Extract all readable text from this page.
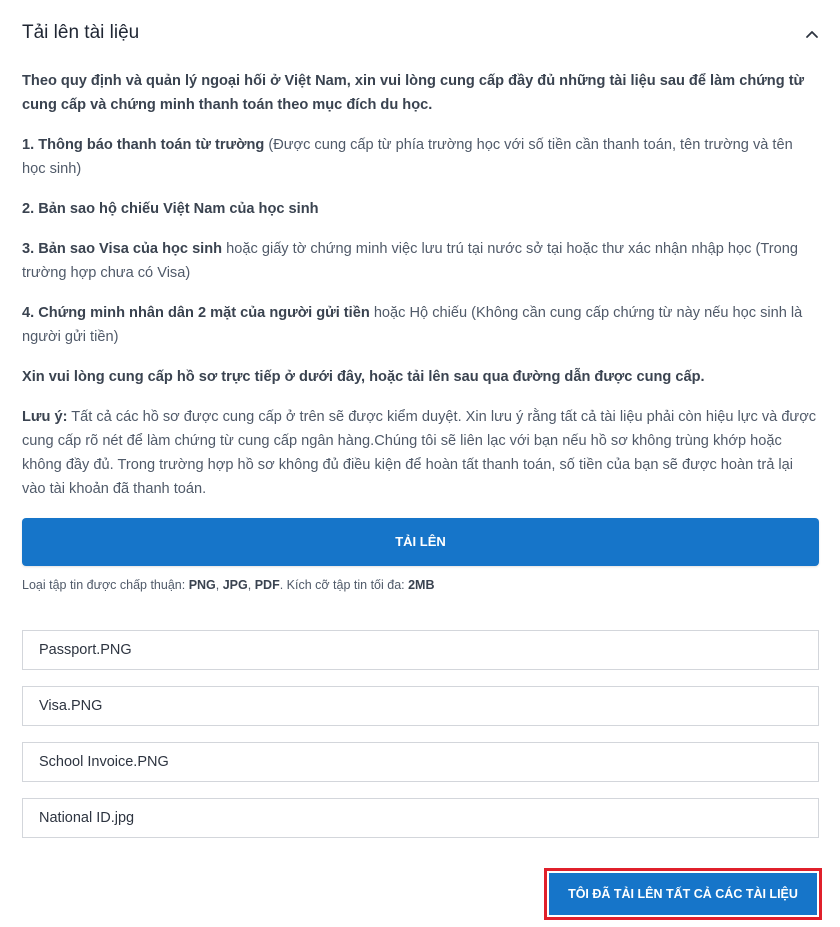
Tải lên tài liệu

Theo quy định và quản lý ngoại hối ở Việt Nam, xin vui lòng cung cấp đầy đủ những tài liệu sau để làm chứng từ cung cấp và chứng minh thanh toán theo mục đích du học.

1. Thông báo thanh toán từ trường (Được cung cấp từ phía trường học với số tiền cần thanh toán, tên trường và tên học sinh)

2. Bản sao hộ chiếu Việt Nam của học sinh

3. Bản sao Visa của học sinh hoặc giấy tờ chứng minh việc lưu trú tại nước sở tại hoặc thư xác nhận nhập học (Trong trường hợp chưa có Visa)

4. Chứng minh nhân dân 2 mặt của người gửi tiền hoặc Hộ chiếu (Không cần cung cấp chứng từ này nếu học sinh là người gửi tiền)

Xin vui lòng cung cấp hồ sơ trực tiếp ở dưới đây, hoặc tải lên sau qua đường dẫn được cung cấp.

Lưu ý: Tất cả các hồ sơ được cung cấp ở trên sẽ được kiểm duyệt. Xin lưu ý rằng tất cả tài liệu phải còn hiệu lực và được cung cấp rõ nét để làm chứng từ cung cấp ngân hàng.Chúng tôi sẽ liên lạc với bạn nếu hồ sơ không trùng khớp hoặc không đầy đủ. Trong trường hợp hồ sơ không đủ điều kiện để hoàn tất thanh toán, số tiền của bạn sẽ được hoàn trả lại vào tài khoản đã thanh toán.

TẢI LÊN
Loại tập tin được chấp thuận: PNG, JPG, PDF. Kích cỡ tập tin tối đa: 2MB
Passport.PNG
Visa.PNG
School Invoice.PNG
National ID.jpg
TÔI ĐÃ TẢI LÊN TẤT CẢ CÁC TÀI LIỆU
